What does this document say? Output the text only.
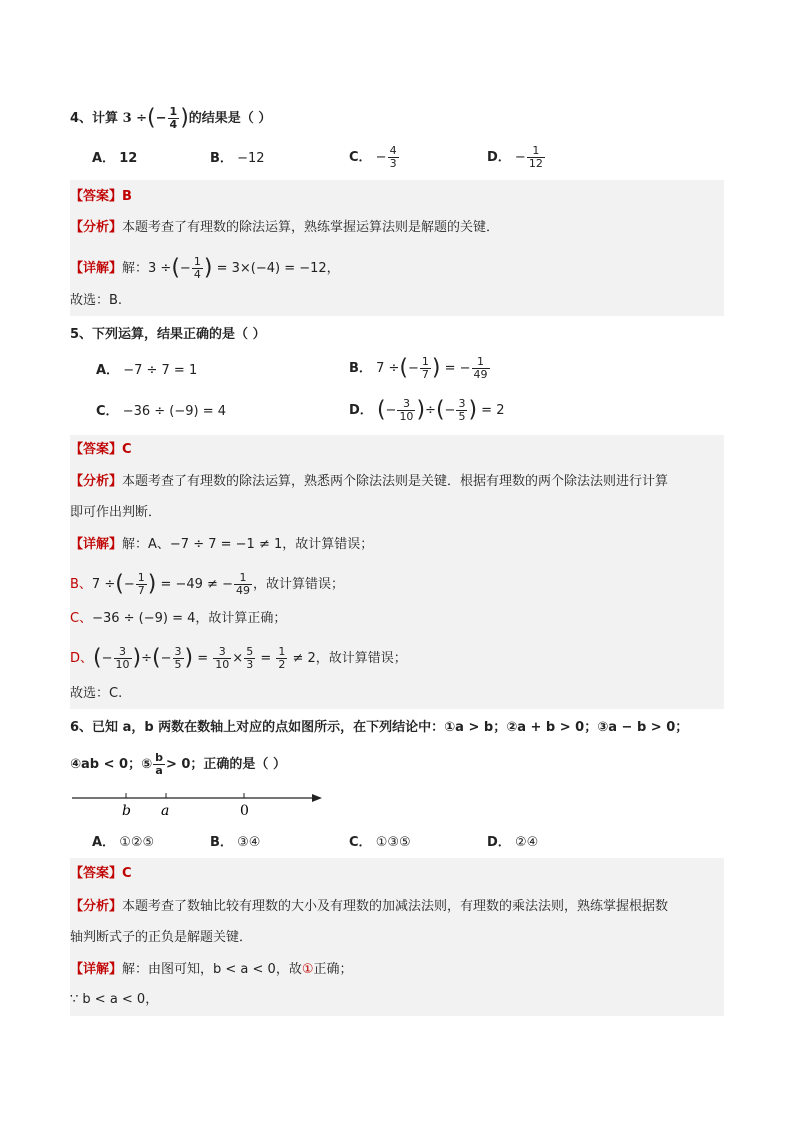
4、计算 3 ÷(− $\frac{1}{4}$ )的结果是（ ）
A． 12	B． −12	C． − $\frac{4}{3}$	D． − $\frac{1}{12}$
【答案】B
【分析】本题考查了有理数的除法运算，熟练掌握运算法则是解题的关键．
【详解】解：3 ÷(− $\frac{1}{4}$ ) = 3×(−4) = −12，
故选：B.
5、下列运算，结果正确的是（ ）
A． −7 ÷ 7 = 1	B． 7 ÷(− $\frac{1}{7}$ ) = − $\frac{1}{49}$
C． −36 ÷ (−9) = 4	D． (− $\frac{3}{10}$ )÷(− $\frac{3}{5}$ ) = 2
【答案】C
【分析】本题考查了有理数的除法运算，熟悉两个除法法则是关键．根据有理数的两个除法法则进行计算
即可作出判断．
【详解】解：A、−7 ÷ 7 = −1 ≠ 1，故计算错误；
B、7 ÷(− $\frac{1}{7}$ ) = −49 ≠ − $\frac{1}{49}$ ，故计算错误；
C、−36 ÷ (−9) = 4，故计算正确；
D、(− $\frac{3}{10}$ )÷(− $\frac{3}{5}$ ) = $\frac{3}{10} \times \frac{5}{3} = \frac{1}{2} \ne 2$，故计算错误；
故选：C.
6、已知 a，b 两数在数轴上对应的点如图所示，在下列结论中：①a > b；②a + b > 0；③a − b > 0；
④ab < 0；⑤ $\frac{b}{a} > 0$；正确的是（ ）
b a	0
A． ①②⑤	B． ③④	C． ①③⑤	D． ②④
【答案】C
【分析】本题考查了数轴比较有理数的大小及有理数的加减法法则，有理数的乘法法则，熟练掌握根据数
轴判断式子的正负是解题关键．
【详解】解：由图可知，b < a < 0，故①正确；
∵ b < a < 0，
